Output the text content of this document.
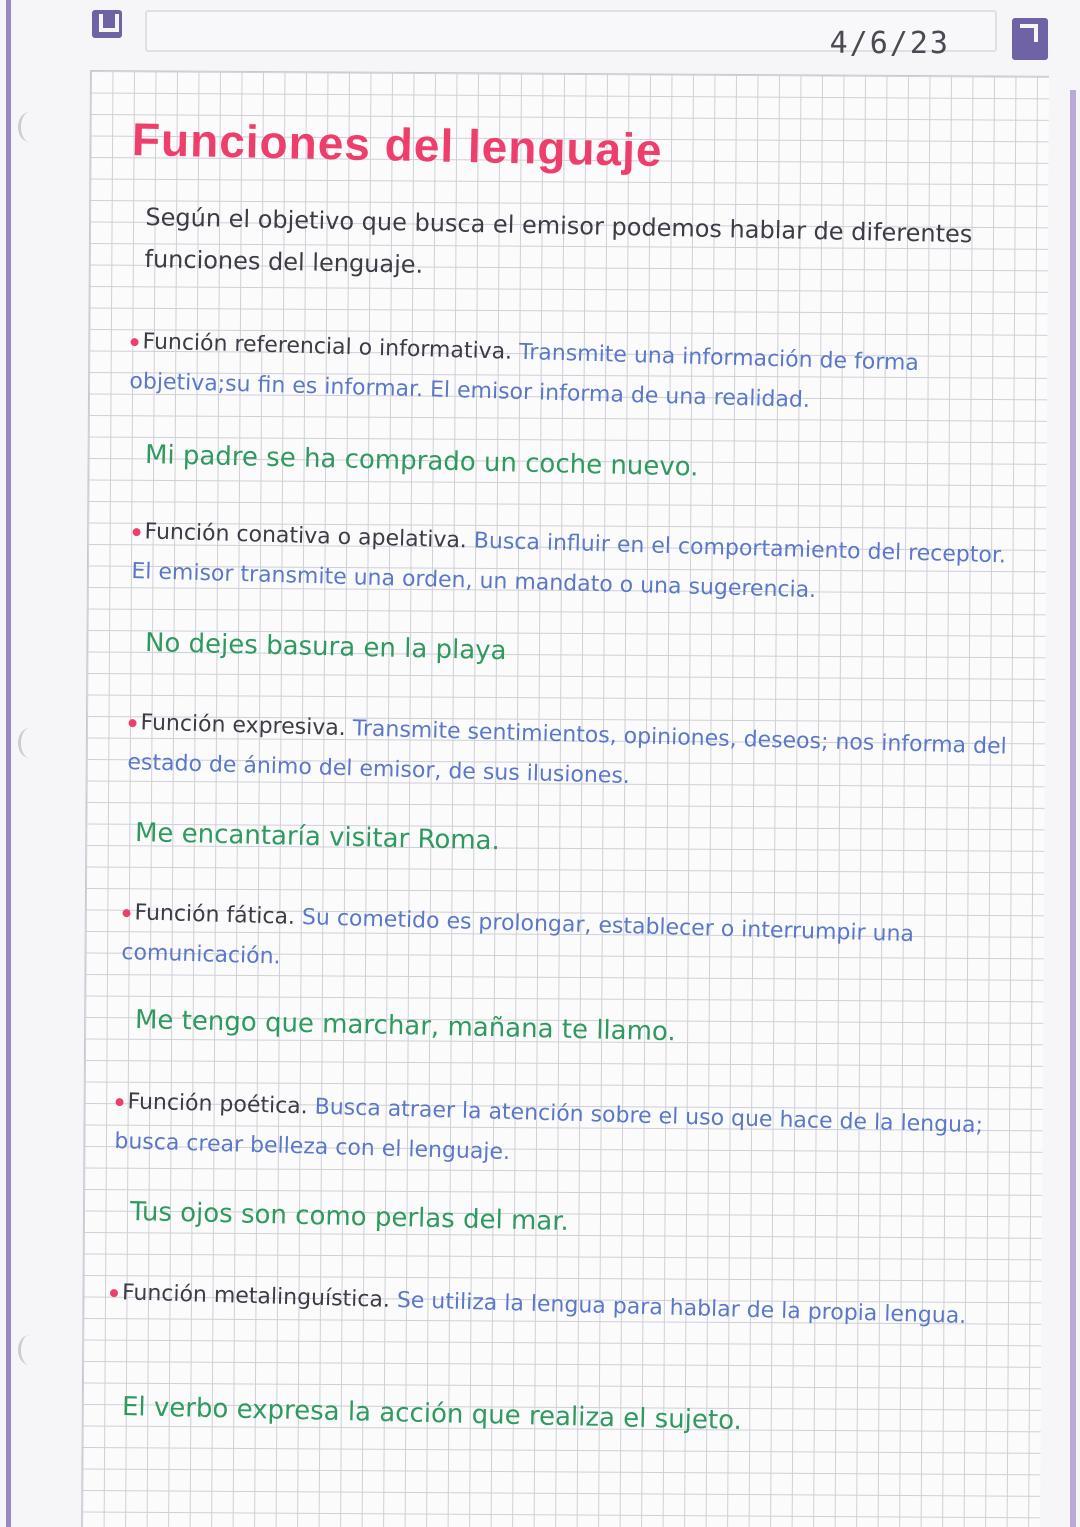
4/6/23
Funciones del lenguaje
Según el objetivo que busca el emisor podemos hablar de diferentes funciones del lenguaje.
Función referencial o informativa. Transmite una información de forma objetiva;su fin es informar. El emisor informa de una realidad.
Mi padre se ha comprado un coche nuevo.
Función conativa o apelativa. Busca influir en el comportamiento del receptor. El emisor transmite una orden, un mandato o una sugerencia.
No dejes basura en la playa
Función expresiva. Transmite sentimientos, opiniones, deseos; nos informa del estado de ánimo del emisor, de sus ilusiones.
Me encantaría visitar Roma.
Función fática. Su cometido es prolongar, establecer o interrumpir una comunicación.
Me tengo que marchar, mañana te llamo.
Función poética. Busca atraer la atención sobre el uso que hace de la lengua; busca crear belleza con el lenguaje.
Tus ojos son como perlas del mar.
Función metalinguística. Se utiliza la lengua para hablar de la propia lengua.
El verbo expresa la acción que realiza el sujeto.
